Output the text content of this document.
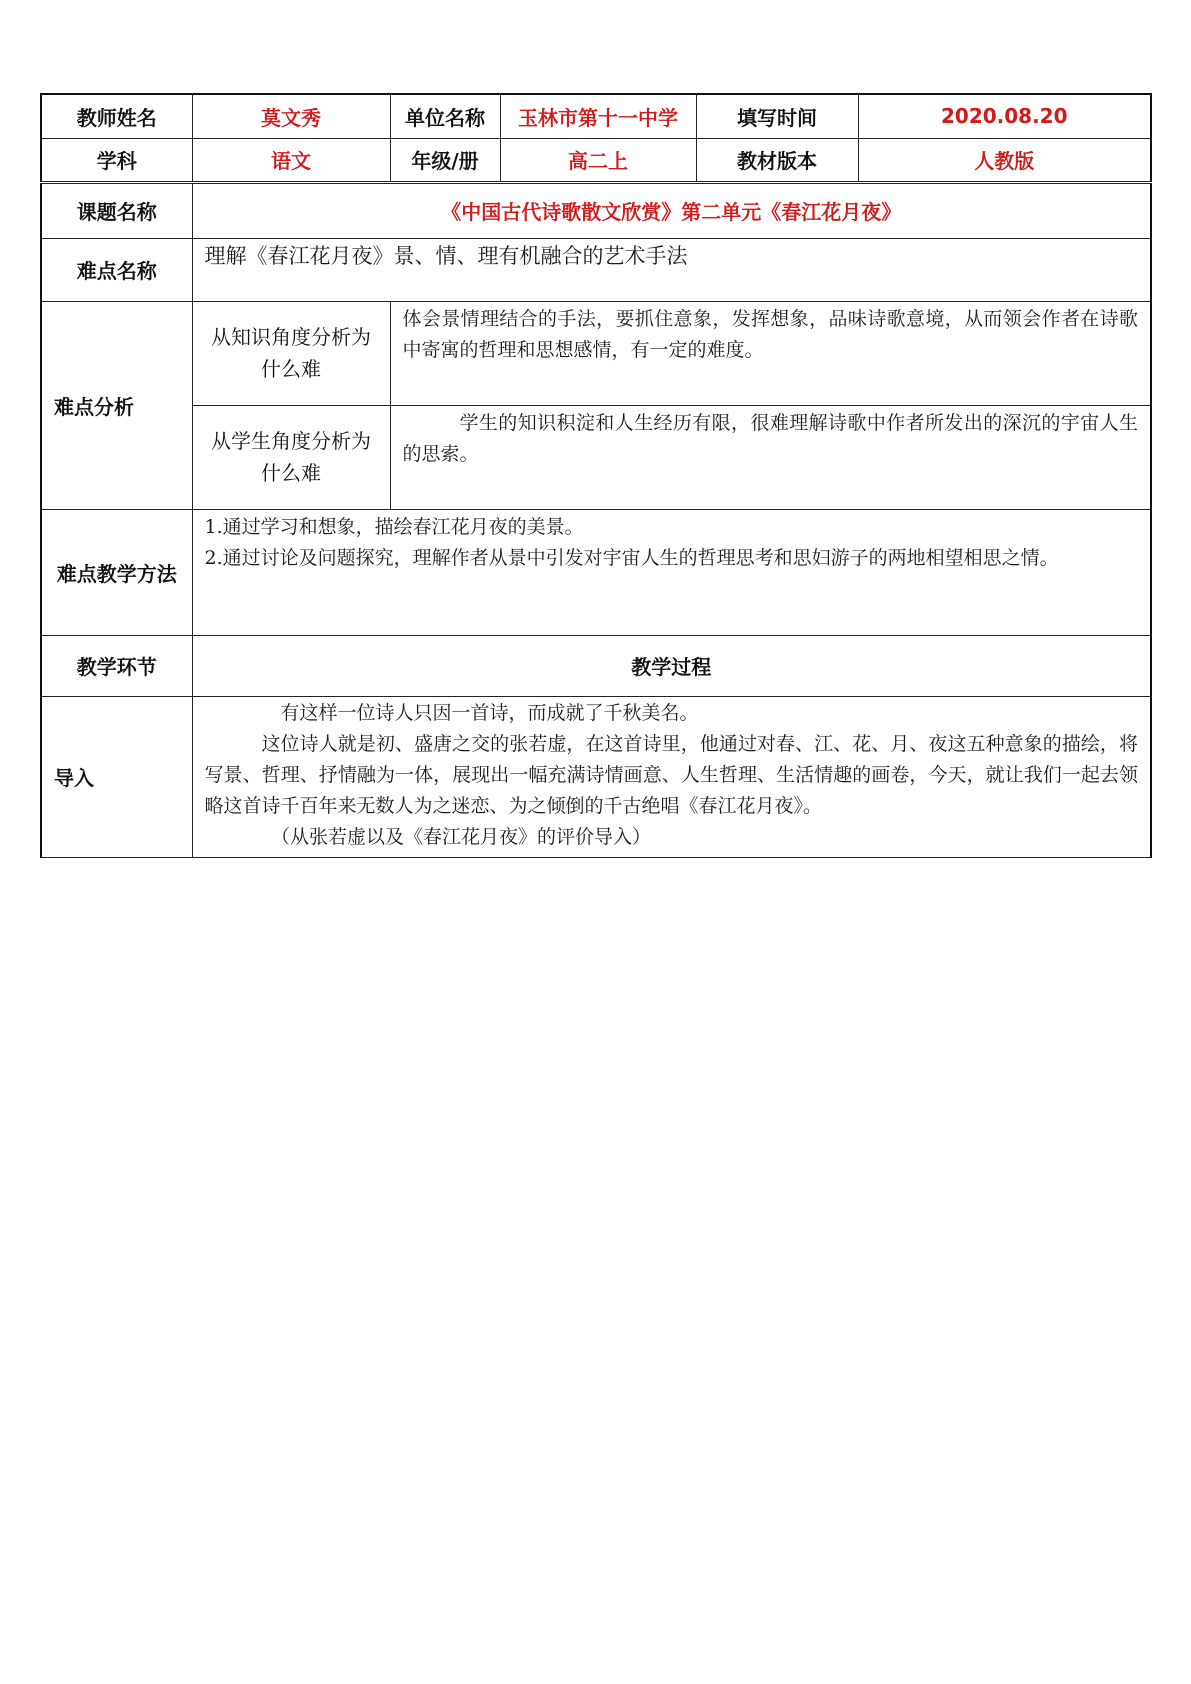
教师姓名	莫文秀	单位名称	玉林市第十一中学	填写时间	2020.08.20
学科	语文	年级/册	高二上	教材版本	人教版
课题名称	《中国古代诗歌散文欣赏》第二单元《春江花月夜》				
难点名称	理解《春江花月夜》景、情、理有机融合的艺术手法				
难点分析	从知识角度分析为什么难	体会景情理结合的手法，要抓住意象，发挥想象，品味诗歌意境，从而领会作者在诗歌中寄寓的哲理和思想感情，有一定的难度。			
	从学生角度分析为什么难	学生的知识积淀和人生经历有限，很难理解诗歌中作者所发出的深沉的宇宙人生的思索。			

难点教学方法	1.通过学习和想象，描绘春江花月夜的美景。

2.通过讨论及问题探究，理解作者从景中引发对宇宙人生的哲理思考和思妇游子的两地相望相思之情。				

教学环节	教学过程				
导入	有这样一位诗人只因一首诗，而成就了千秋美名。

这位诗人就是初、盛唐之交的张若虚，在这首诗里，他通过对春、江、花、月、夜这五种意象的描绘，将写景、哲理、抒情融为一体，展现出一幅充满诗情画意、人生哲理、生活情趣的画卷，今天，就让我们一起去领略这首诗千百年来无数人为之迷恋、为之倾倒的千古绝唱《春江花月夜》。

（从张若虚以及《春江花月夜》的评价导入）				
